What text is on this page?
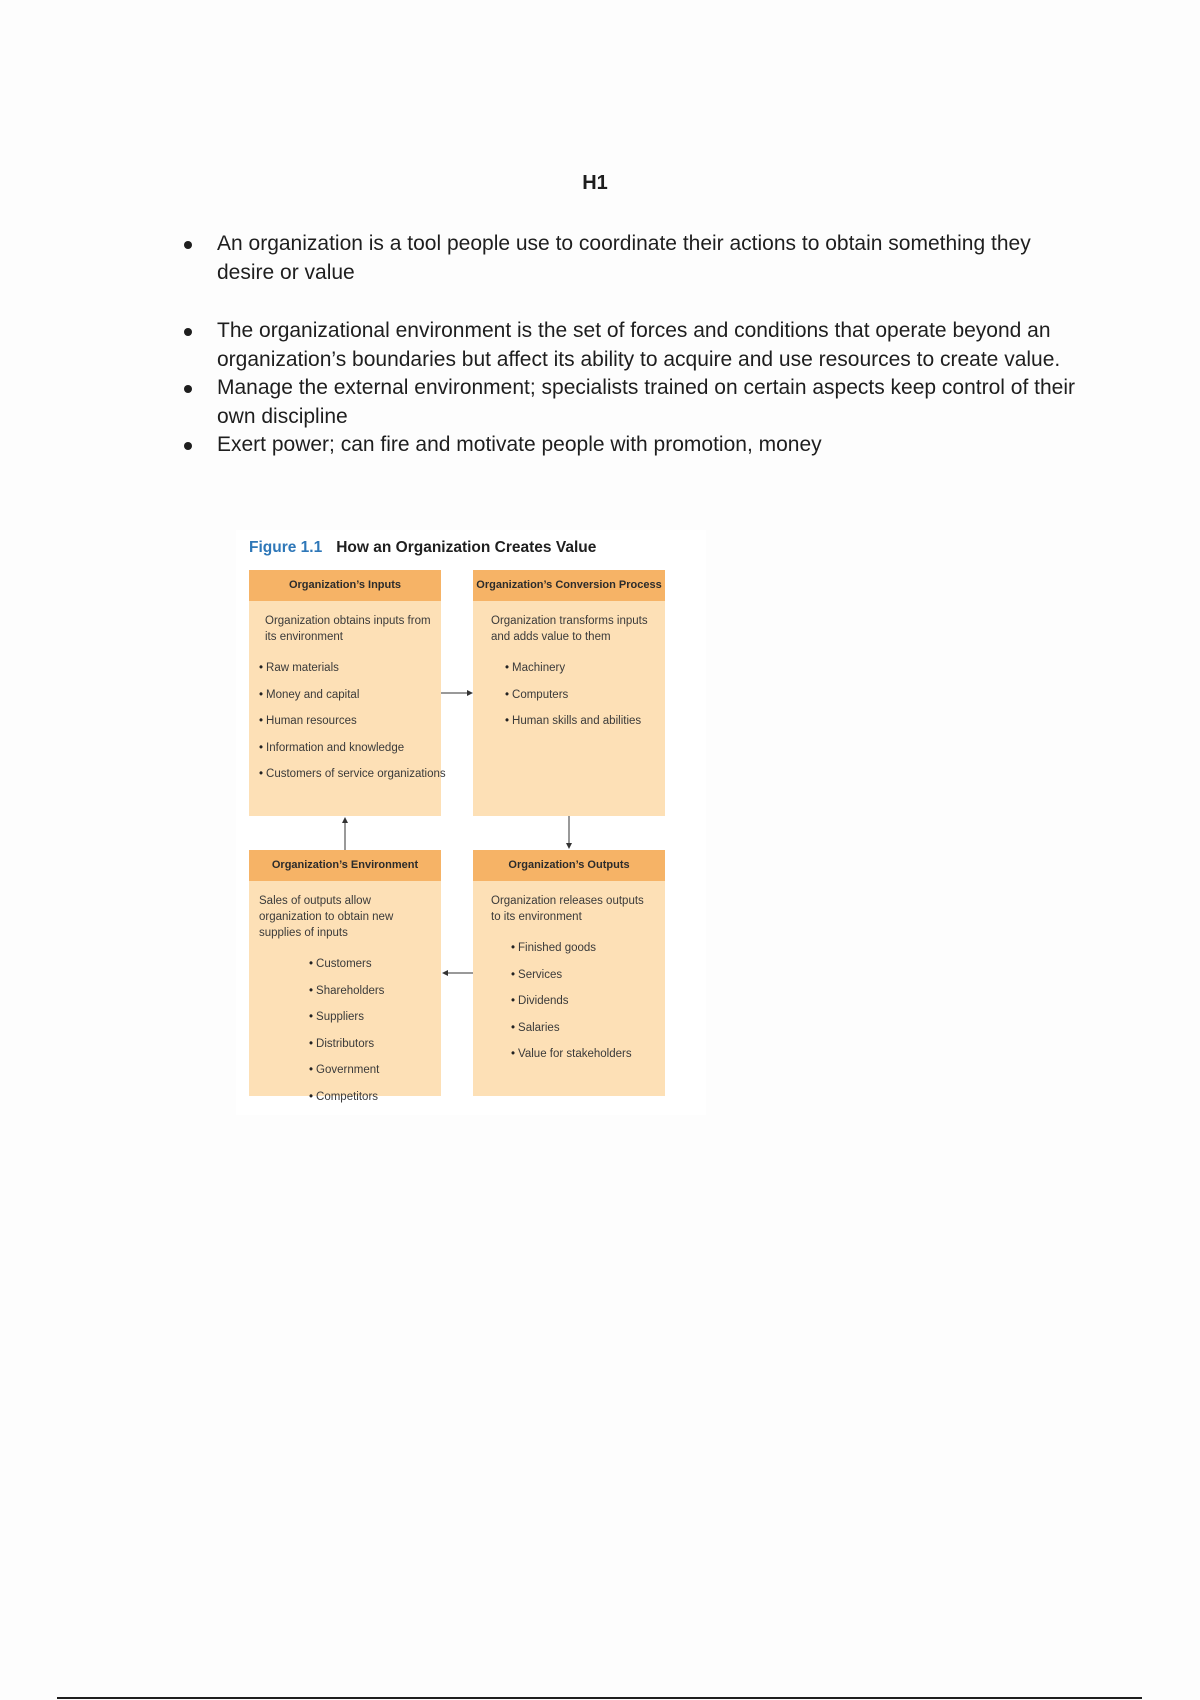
H1
An organization is a tool people use to coordinate their actions to obtain something they desire or value
The organizational environment is the set of forces and conditions that operate beyond an organization’s boundaries but affect its ability to acquire and use resources to create value.
Manage the external environment; specialists trained on certain aspects keep control of their own discipline
Exert power; can fire and motivate people with promotion, money
Figure 1.1 How an Organization Creates Value
Organization’s Inputs
Organization obtains inputs from its environment
• Raw materials
• Money and capital
• Human resources
• Information and knowledge
• Customers of service organizations
Organization’s Conversion Process
Organization transforms inputs and adds value to them
• Machinery
• Computers
• Human skills and abilities
Organization’s Environment
Sales of outputs allow organization to obtain new supplies of inputs
• Customers
• Shareholders
• Suppliers
• Distributors
• Government
• Competitors
Organization’s Outputs
Organization releases outputs to its environment
• Finished goods
• Services
• Dividends
• Salaries
• Value for stakeholders
